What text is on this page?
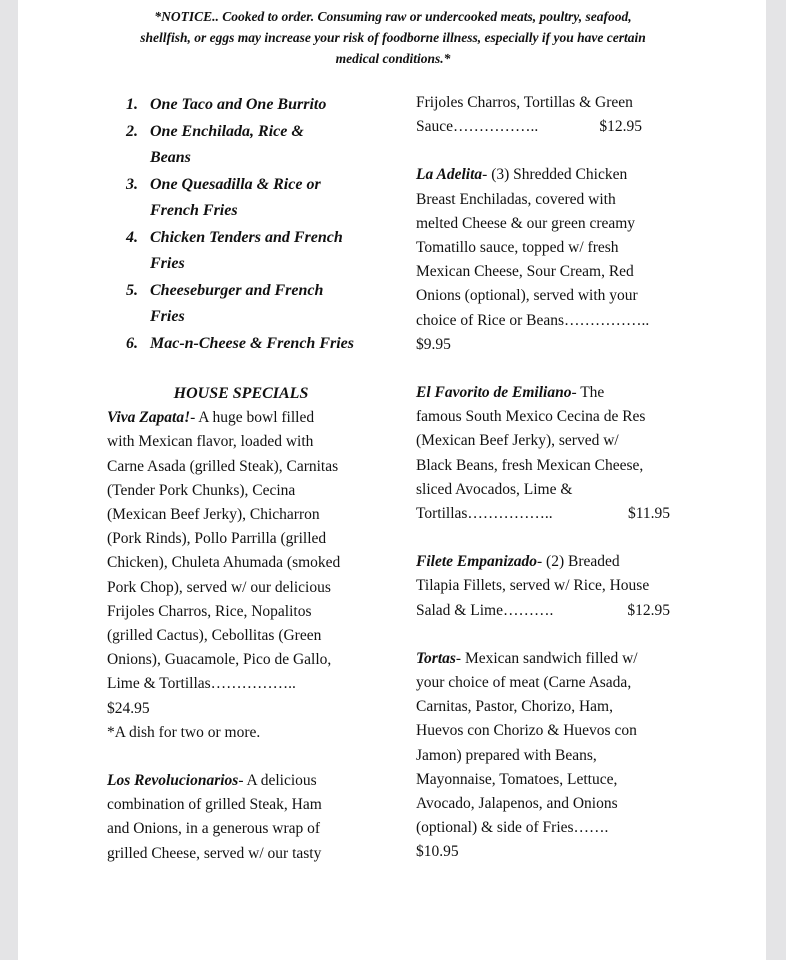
*NOTICE.. Cooked to order. Consuming raw or undercooked meats, poultry, seafood,
shellfish, or eggs may increase your risk of foodborne illness, especially if you have certain
medical conditions.*
1. One Taco and One Burrito
2. One Enchilada, Rice &
Beans
3. One Quesadilla & Rice or
French Fries
4. Chicken Tenders and French
Fries
5. Cheeseburger and French
Fries
6. Mac-n-Cheese & French Fries
HOUSE SPECIALS
Viva Zapata!- A huge bowl filled
with Mexican flavor, loaded with
Carne Asada (grilled Steak), Carnitas
(Tender Pork Chunks), Cecina
(Mexican Beef Jerky), Chicharron
(Pork Rinds), Pollo Parrilla (grilled
Chicken), Chuleta Ahumada (smoked
Pork Chop), served w/ our delicious
Frijoles Charros, Rice, Nopalitos
(grilled Cactus), Cebollitas (Green
Onions), Guacamole, Pico de Gallo,
Lime & Tortillas……………..
$24.95
*A dish for two or more.
Los Revolucionarios- A delicious
combination of grilled Steak, Ham
and Onions, in a generous wrap of
grilled Cheese, served w/ our tasty
Frijoles Charros, Tortillas & Green
Sauce……………..	$12.95
La Adelita- (3) Shredded Chicken
Breast Enchiladas, covered with
melted Cheese & our green creamy
Tomatillo sauce, topped w/ fresh
Mexican Cheese, Sour Cream, Red
Onions (optional), served with your
choice of Rice or Beans……………..
$9.95
El Favorito de Emiliano- The
famous South Mexico Cecina de Res
(Mexican Beef Jerky), served w/
Black Beans, fresh Mexican Cheese,
sliced Avocados, Lime &
Tortillas……………..	$11.95
Filete Empanizado- (2) Breaded
Tilapia Fillets, served w/ Rice, House
Salad & Lime……….	$12.95
Tortas- Mexican sandwich filled w/
your choice of meat (Carne Asada,
Carnitas, Pastor, Chorizo, Ham,
Huevos con Chorizo & Huevos con
Jamon) prepared with Beans,
Mayonnaise, Tomatoes, Lettuce,
Avocado, Jalapenos, and Onions
(optional) & side of Fries…….
$10.95
